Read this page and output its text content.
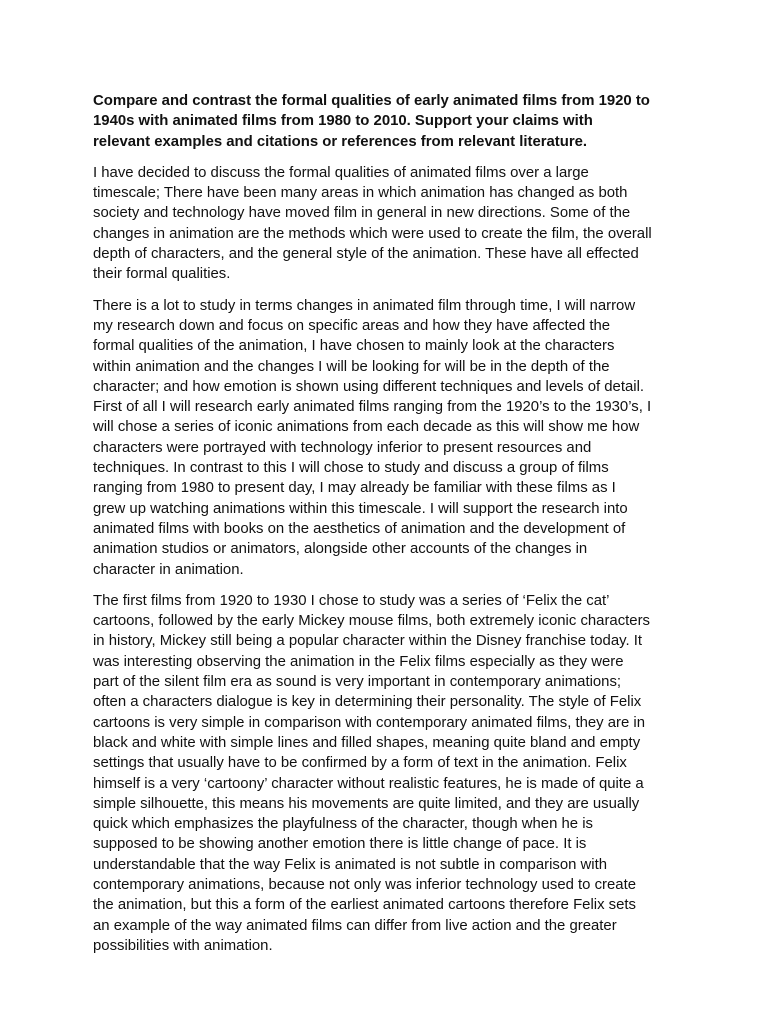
Compare and contrast the formal qualities of early animated films from 1920 to
1940s with animated films from 1980 to 2010. Support your claims with
relevant examples and citations or references from relevant literature.
I have decided to discuss the formal qualities of animated films over a large
timescale; There have been many areas in which animation has changed as both
society and technology have moved film in general in new directions. Some of the
changes in animation are the methods which were used to create the film, the overall
depth of characters, and the general style of the animation. These have all effected
their formal qualities.
There is a lot to study in terms changes in animated film through time, I will narrow
my research down and focus on specific areas and how they have affected the
formal qualities of the animation, I have chosen to mainly look at the characters
within animation and the changes I will be looking for will be in the depth of the
character; and how emotion is shown using different techniques and levels of detail.
First of all I will research early animated films ranging from the 1920’s to the 1930’s, I
will chose a series of iconic animations from each decade as this will show me how
characters were portrayed with technology inferior to present resources and
techniques. In contrast to this I will chose to study and discuss a group of films
ranging from 1980 to present day, I may already be familiar with these films as I
grew up watching animations within this timescale. I will support the research into
animated films with books on the aesthetics of animation and the development of
animation studios or animators, alongside other accounts of the changes in
character in animation.
The first films from 1920 to 1930 I chose to study was a series of ‘Felix the cat’
cartoons, followed by the early Mickey mouse films, both extremely iconic characters
in history, Mickey still being a popular character within the Disney franchise today. It
was interesting observing the animation in the Felix films especially as they were
part of the silent film era as sound is very important in contemporary animations;
often a characters dialogue is key in determining their personality. The style of Felix
cartoons is very simple in comparison with contemporary animated films, they are in
black and white with simple lines and filled shapes, meaning quite bland and empty
settings that usually have to be confirmed by a form of text in the animation. Felix
himself is a very ‘cartoony’ character without realistic features, he is made of quite a
simple silhouette, this means his movements are quite limited, and they are usually
quick which emphasizes the playfulness of the character, though when he is
supposed to be showing another emotion there is little change of pace. It is
understandable that the way Felix is animated is not subtle in comparison with
contemporary animations, because not only was inferior technology used to create
the animation, but this a form of the earliest animated cartoons therefore Felix sets
an example of the way animated films can differ from live action and the greater
possibilities with animation.
